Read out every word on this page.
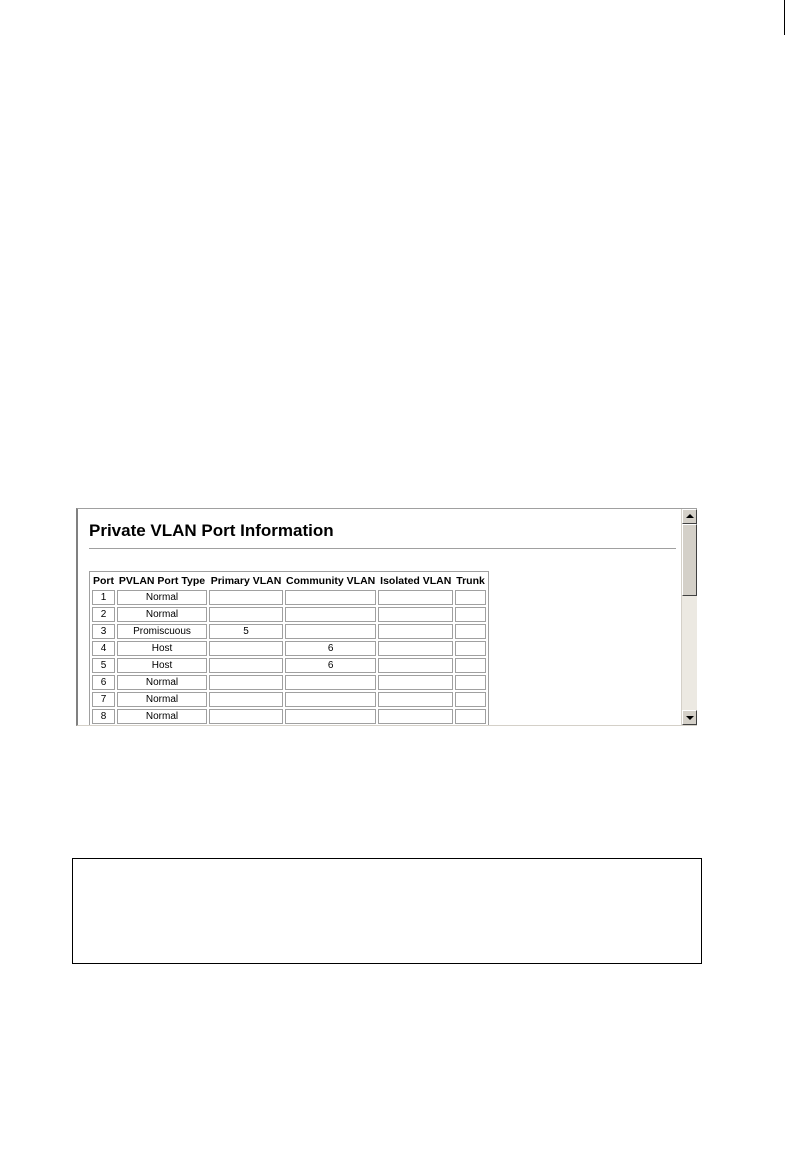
Private VLAN Port Information
Port	PVLAN Port Type	Primary VLAN	Community VLAN	Isolated VLAN	Trunk
1	Normal				
2	Normal				
3	Promiscuous	5			
4	Host		6		
5	Host		6		
6	Normal				
7	Normal				
8	Normal				
